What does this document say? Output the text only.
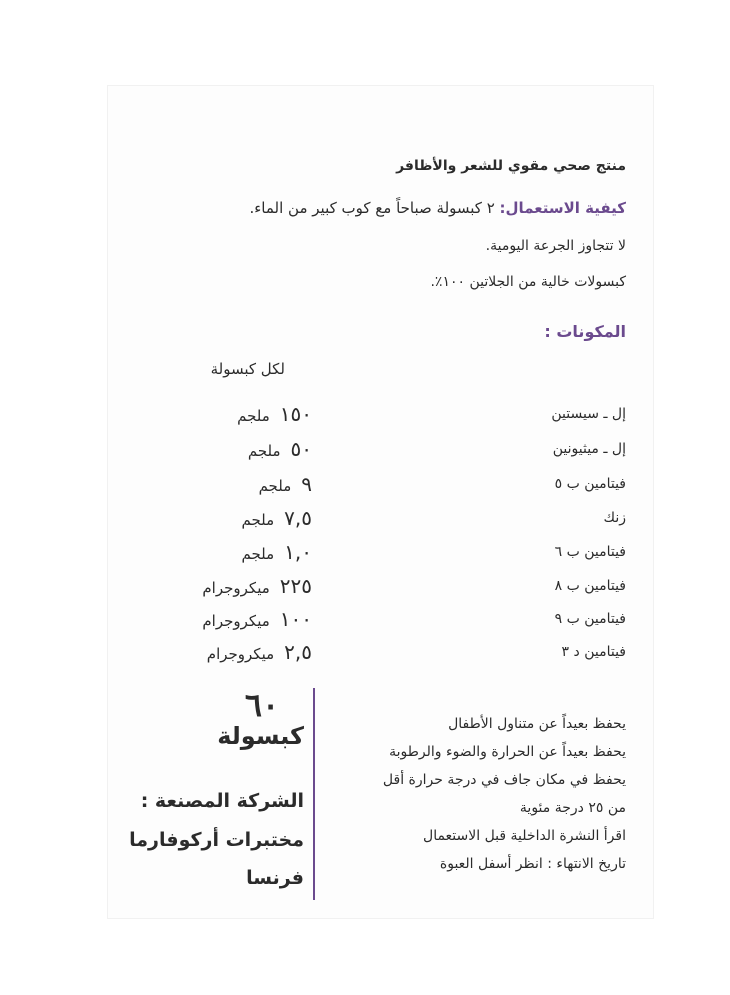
منتج صحي مقوي للشعر والأظافر
كيفية الاستعمال: ٢ كبسولة صباحاً مع كوب كبير من الماء.
لا تتجاوز الجرعة اليومية.
كبسولات خالية من الجلاتين ١٠٠٪.
المكونات :
لكل كبسولة
إل ـ سيستين
١٥٠ملجم
إل ـ ميثيونين
٥٠ملجم
فيتامين ب ٥
٩ملجم
زنك
٧,٥ملجم
فيتامين ب ٦
١,٠ملجم
فيتامين ب ٨
٢٢٥ميكروجرام
فيتامين ب ٩
١٠٠ميكروجرام
فيتامين د ٣
٢,٥ميكروجرام
يحفظ بعيداً عن متناول الأطفال
يحفظ بعيداً عن الحرارة والضوء والرطوبة
يحفظ في مكان جاف في درجة حرارة أقل
من ٢٥ درجة مئوية
اقرأ النشرة الداخلية قبل الاستعمال
تاريخ الانتهاء : انظر أسفل العبوة
٦٠
كبسولة
الشركة المصنعة :
مختبرات أركوفارما
فرنسا
